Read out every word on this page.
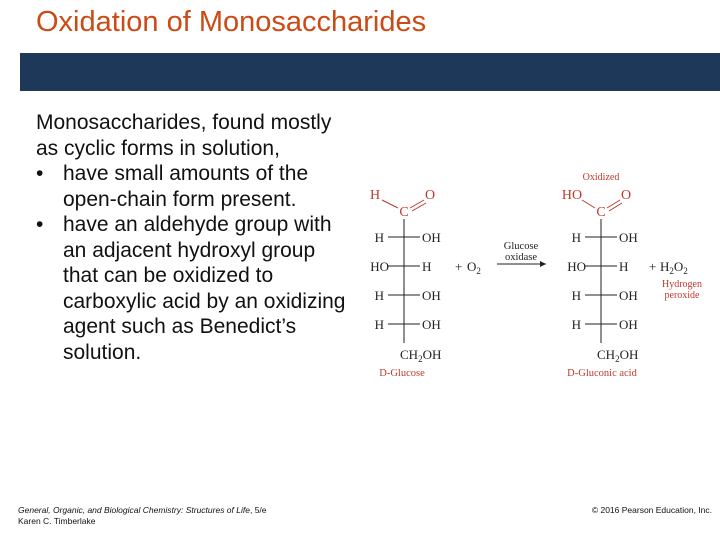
Oxidation of Monosaccharides

Monosaccharides, found mostly as cyclic forms in solution,

• have small amounts of the open-chain form present.
• have an aldehyde group with an adjacent hydroxyl group that can be oxidized to carboxylic acid by an oxidizing agent such as Benedict’s solution.
H	O
C
H	OH
HO	H
H	OH
H	OH
$CH_2OH$
D-Glucose
+ $O_2$
Glucose
oxidase
Oxidized
HO	O
C
H	OH
HO	H
H	OH
H	OH
$CH_2OH$
D-Gluconic acid
+ $H_2O_2$
Hydrogen
peroxide
General, Organic, and Biological Chemistry: Structures of Life, 5/e
Karen C. Timberlake
© 2016 Pearson Education, Inc.
